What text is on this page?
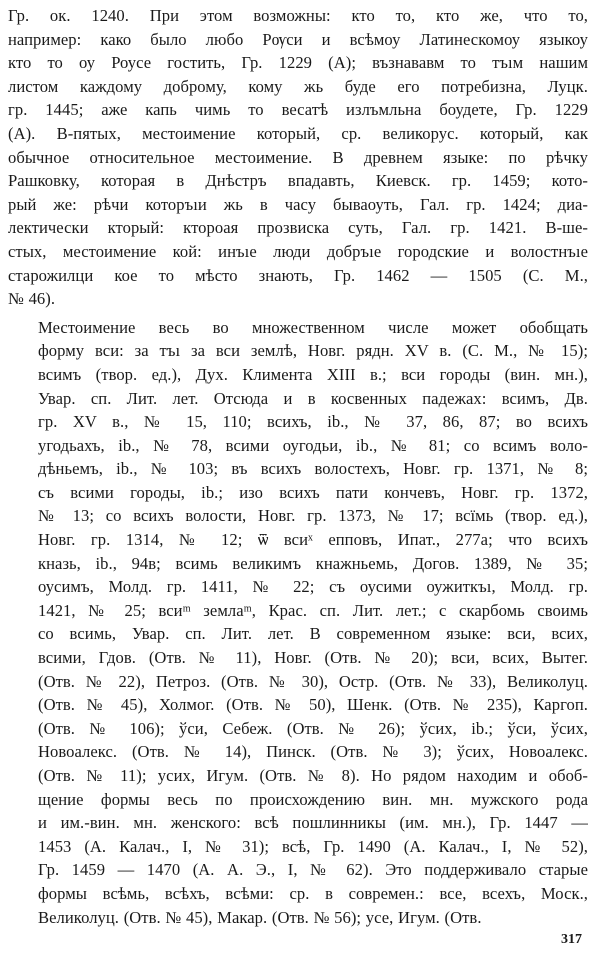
Гр. ок. 1240. При этом возможны: кто то, кто же, что то,
например: како было любо Рѹси и всѣмоу Латинескомоу языкоу
кто то оу Роусе гостить, Гр. 1229 (А); възнававм то тъıм нашим
листом каждому доброму, кому жь буде его потребизна, Луцк.
гр. 1445; аже капь чимь то весатѣ излъмльна боудете, Гр. 1229
(А). В-пятых, местоимение который, ср. великорус. который, как
обычное относительное местоимение. В древнем языке: по рѣчку
Рашковку, которая в Днѣстръ впадавть, Киевск. гр. 1459; кото-
рый же: рѣчи которъıи жь в часу бываоуть, Гал. гр. 1424; диа-
лектически кторый: ктороая прозвиска суть, Гал. гр. 1421. В-ше-
стых, местоимение кой: инъıе люди добръıе городские и волостнъıе
старожилци кое то мѣсто знають, Гр. 1462 — 1505 (С. М.,
№ 46).

Местоимение весь во множественном числе может обобщать
форму вси: за тъı за вси землѣ, Новг. рядн. XV в. (С. М., № 15);
всимъ (твор. ед.), Дух. Климента XIII в.; вси городы (вин. мн.),
Увар. сп. Лит. лет. Отсюда и в косвенных падежах: всимъ, Дв.
гр. XV в., № 15, 110; всихъ, ib., № 37, 86, 87; во всихъ
угодьахъ, ib., № 78, всими оугодьи, ib., № 81; со всимъ воло-
дѣньемъ, ib., № 103; въ всихъ волостехъ, Новг. гр. 1371, № 8;
съ всими городы, ib.; изо всихъ пати кончевъ, Новг. гр. 1372,
№ 13; со всихъ волости, Новг. гр. 1373, № 17; всїмь (твор. ед.),
Новг. гр. 1314, № 12; ѿ всиˣ епповъ, Ипат., 277а; что всихъ
кназь, ib., 94в; всимь великимъ кнажньемь, Догов. 1389, № 35;
оусимъ, Молд. гр. 1411, № 22; съ оусими оужиткъı, Молд. гр.
1421, № 25; всиᵐ землаᵐ, Крас. сп. Лит. лет.; с скарбомь своимь
со всимь, Увар. сп. Лит. лет. В современном языке: вси, всих,
всими, Гдов. (Отв. № 11), Новг. (Отв. № 20); вси, всих, Вытег.
(Отв. № 22), Петроз. (Отв. № 30), Остр. (Отв. № 33), Великолуц.
(Отв. № 45), Холмог. (Отв. № 50), Шенк. (Отв. № 235), Каргоп.
(Отв. № 106); ўси, Себеж. (Отв. № 26); ўсих, ib.; ўси, ўсих,
Новоалекс. (Отв. № 14), Пинск. (Отв. № 3); ўсих, Новоалекс.
(Отв. № 11); усих, Игум. (Отв. № 8). Но рядом находим и обоб-
щение формы весь по происхождению вин. мн. мужского рода
и им.-вин. мн. женского: всѣ пошлинникы (им. мн.), Гр. 1447 —
1453 (А. Калач., I, № 31); всѣ, Гр. 1490 (А. Калач., I, № 52),
Гр. 1459 — 1470 (А. А. Э., I, № 62). Это поддерживало старые
формы всѣмь, всѣхъ, всѣми: ср. в современ.: все, всехъ, Моск.,
Великолуц. (Отв. № 45), Макар. (Отв. № 56); усе, Игум. (Отв.

317
